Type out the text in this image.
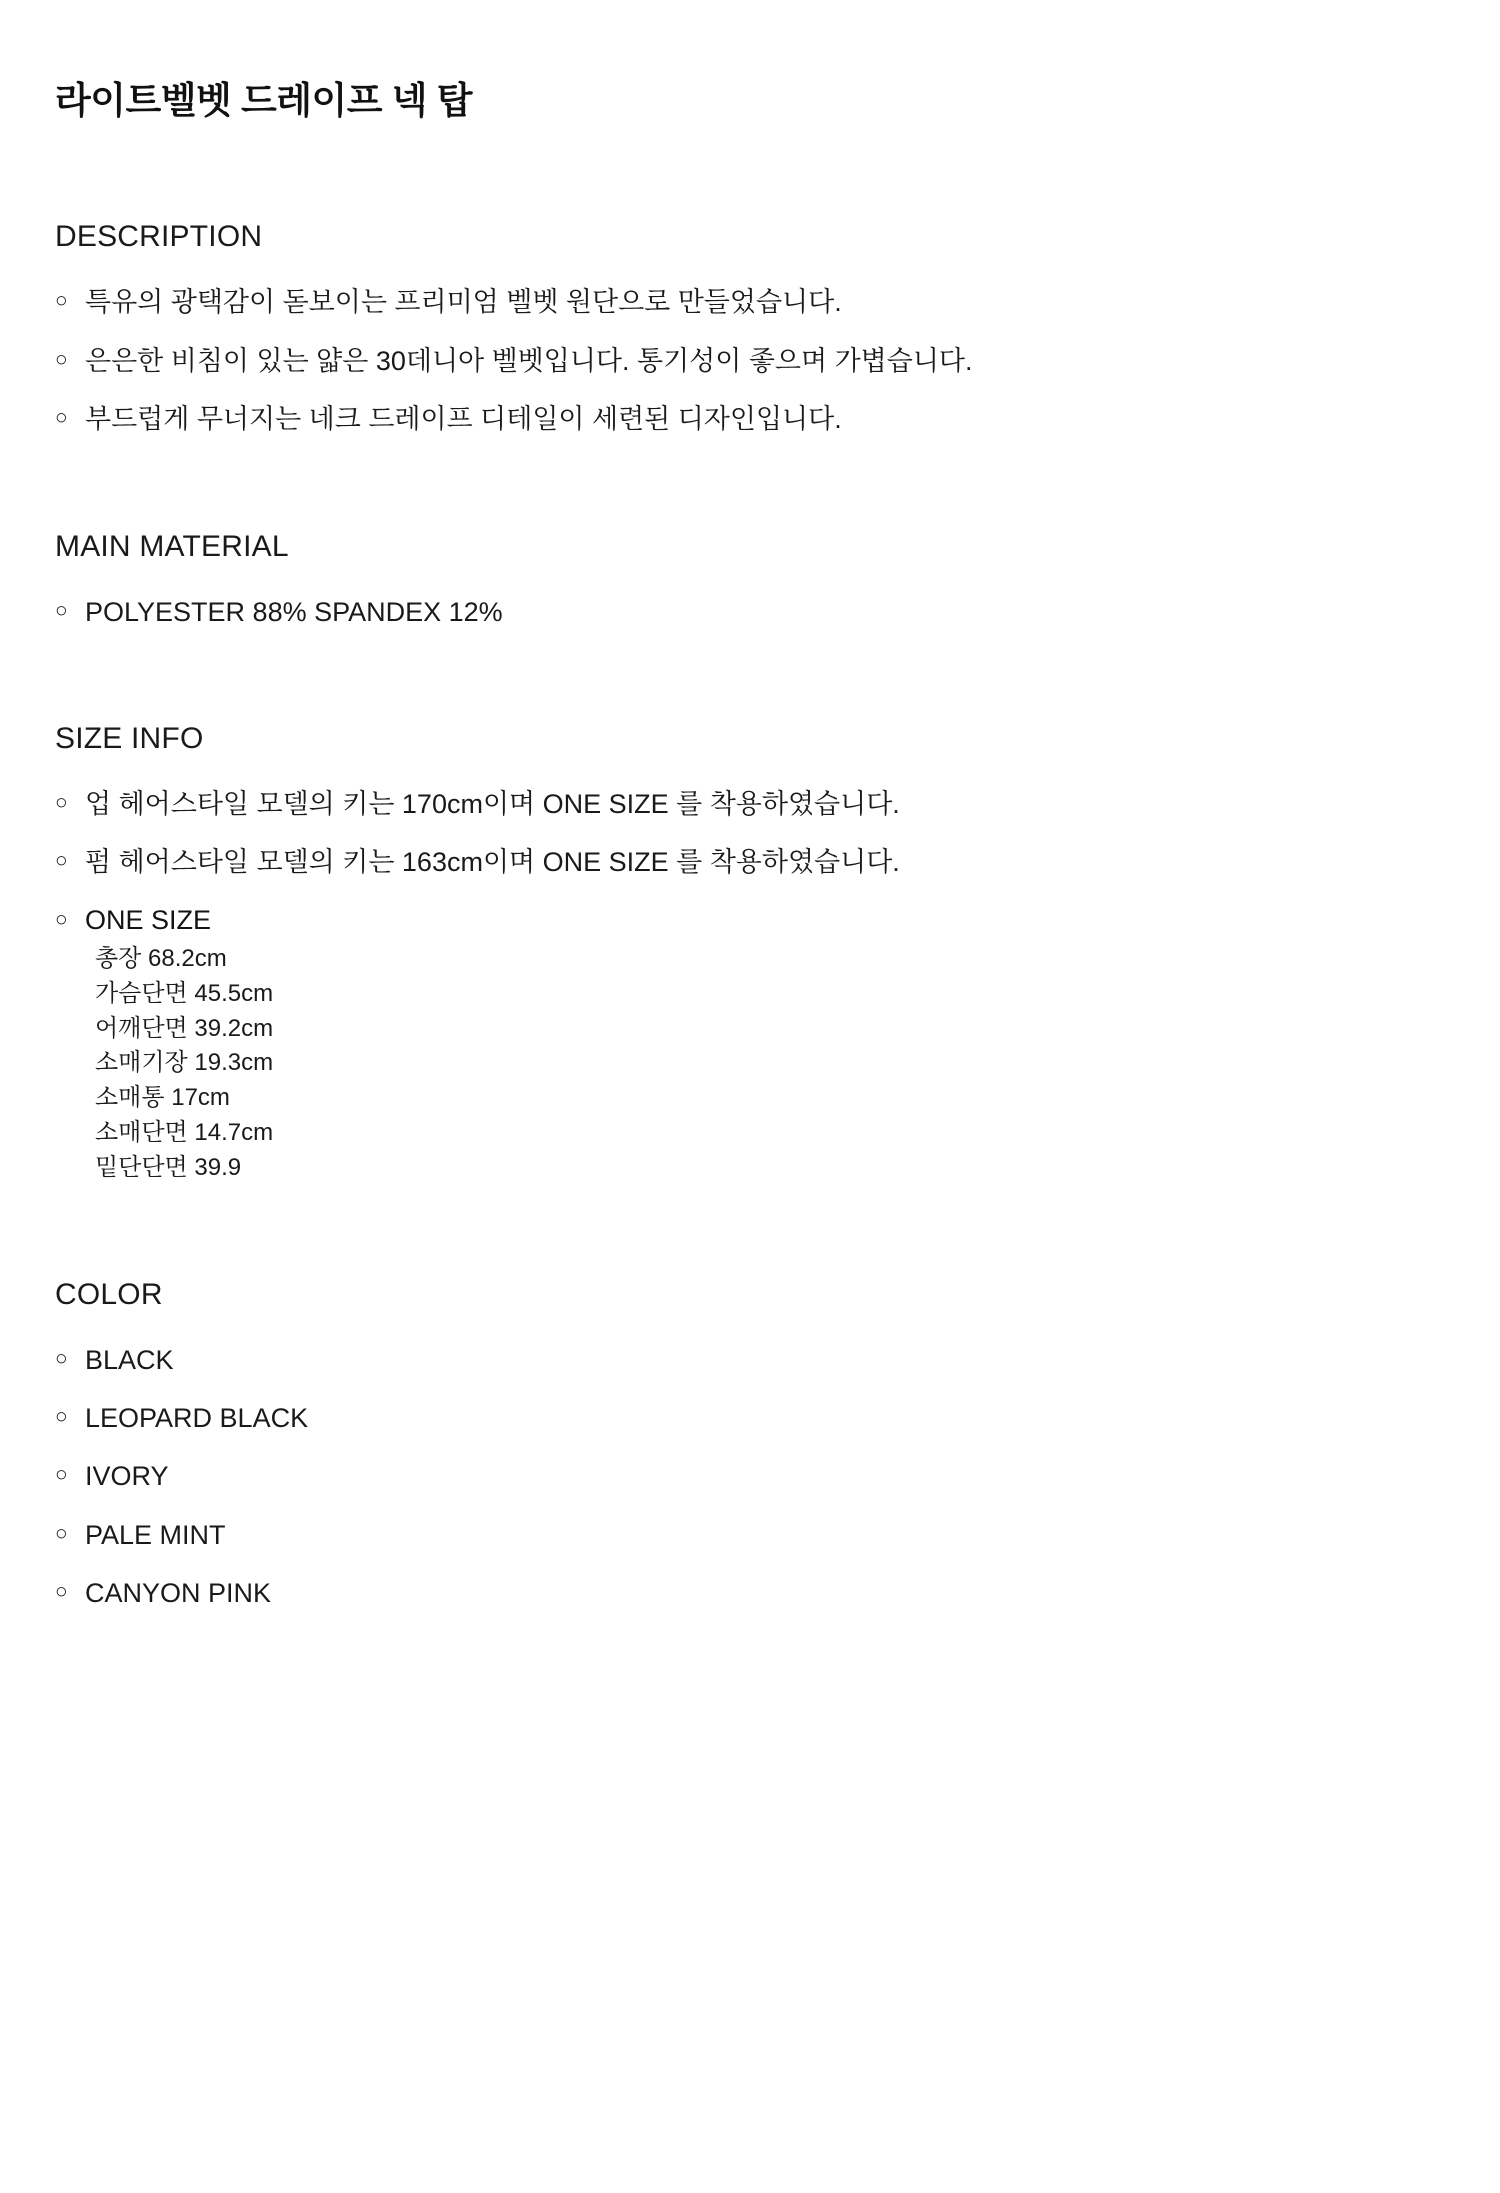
라이트벨벳 드레이프 넥 탑
DESCRIPTION
○ 특유의 광택감이 돋보이는 프리미엄 벨벳 원단으로 만들었습니다.
○ 은은한 비침이 있는 얇은 30데니아 벨벳입니다. 통기성이 좋으며 가볍습니다.
○ 부드럽게 무너지는 네크 드레이프 디테일이 세련된 디자인입니다.
MAIN MATERIAL
○ POLYESTER 88% SPANDEX 12%
SIZE INFO
○ 업 헤어스타일 모델의 키는 170cm이며 ONE SIZE 를 착용하였습니다.
○ 펌 헤어스타일 모델의 키는 163cm이며 ONE SIZE 를 착용하였습니다.
○ ONE SIZE
총장 68.2cm
가슴단면 45.5cm
어깨단면 39.2cm
소매기장 19.3cm
소매통 17cm
소매단면 14.7cm
밑단단면 39.9
COLOR
○ BLACK
○ LEOPARD BLACK
○ IVORY
○ PALE MINT
○ CANYON PINK
